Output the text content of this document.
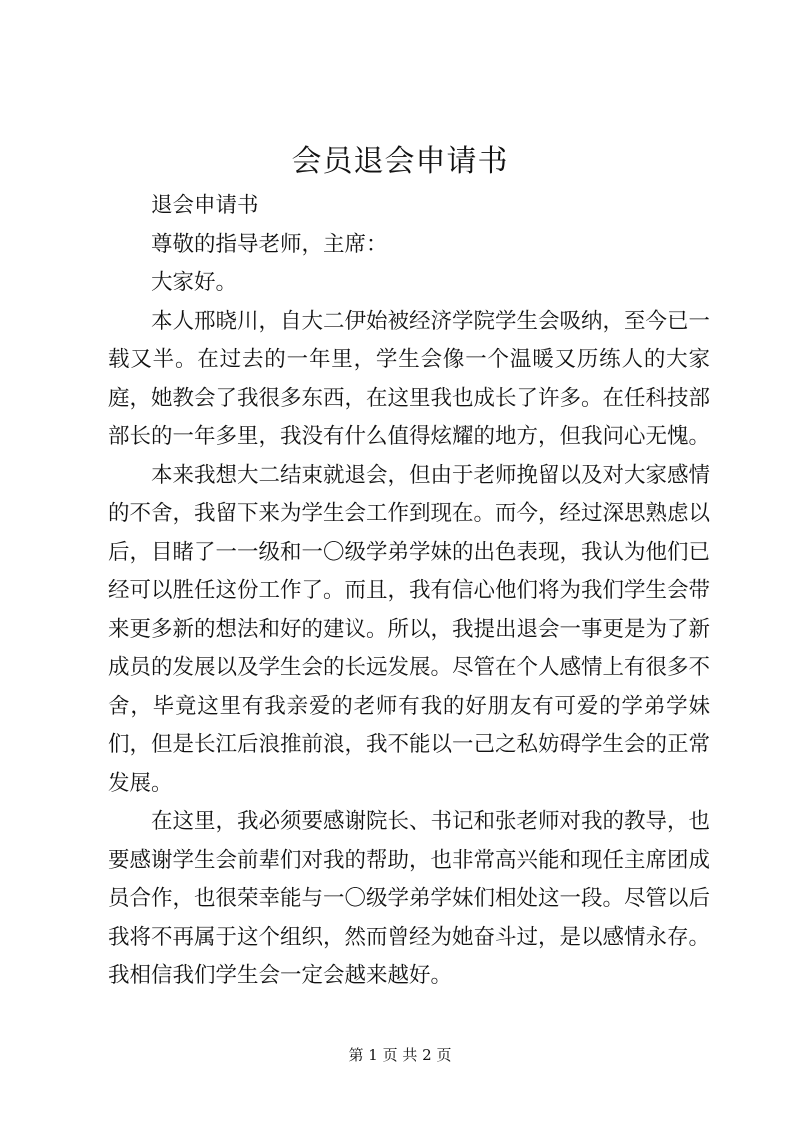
会员退会申请书

退会申请书

尊敬的指导老师，主席：

大家好。

本人邢晓川，自大二伊始被经济学院学生会吸纳，至今已一载又半。在过去的一年里，学生会像一个温暖又历练人的大家庭，她教会了我很多东西，在这里我也成长了许多。在任科技部部长的一年多里，我没有什么值得炫耀的地方，但我问心无愧。

本来我想大二结束就退会，但由于老师挽留以及对大家感情的不舍，我留下来为学生会工作到现在。而今，经过深思熟虑以后，目睹了一一级和一〇级学弟学妹的出色表现，我认为他们已经可以胜任这份工作了。而且，我有信心他们将为我们学生会带来更多新的想法和好的建议。所以，我提出退会一事更是为了新成员的发展以及学生会的长远发展。尽管在个人感情上有很多不舍，毕竟这里有我亲爱的老师有我的好朋友有可爱的学弟学妹们，但是长江后浪推前浪，我不能以一己之私妨碍学生会的正常发展。

在这里，我必须要感谢院长、书记和张老师对我的教导，也要感谢学生会前辈们对我的帮助，也非常高兴能和现任主席团成员合作，也很荣幸能与一〇级学弟学妹们相处这一段。尽管以后我将不再属于这个组织，然而曾经为她奋斗过，是以感情永存。我相信我们学生会一定会越来越好。

第 1 页 共 2 页
